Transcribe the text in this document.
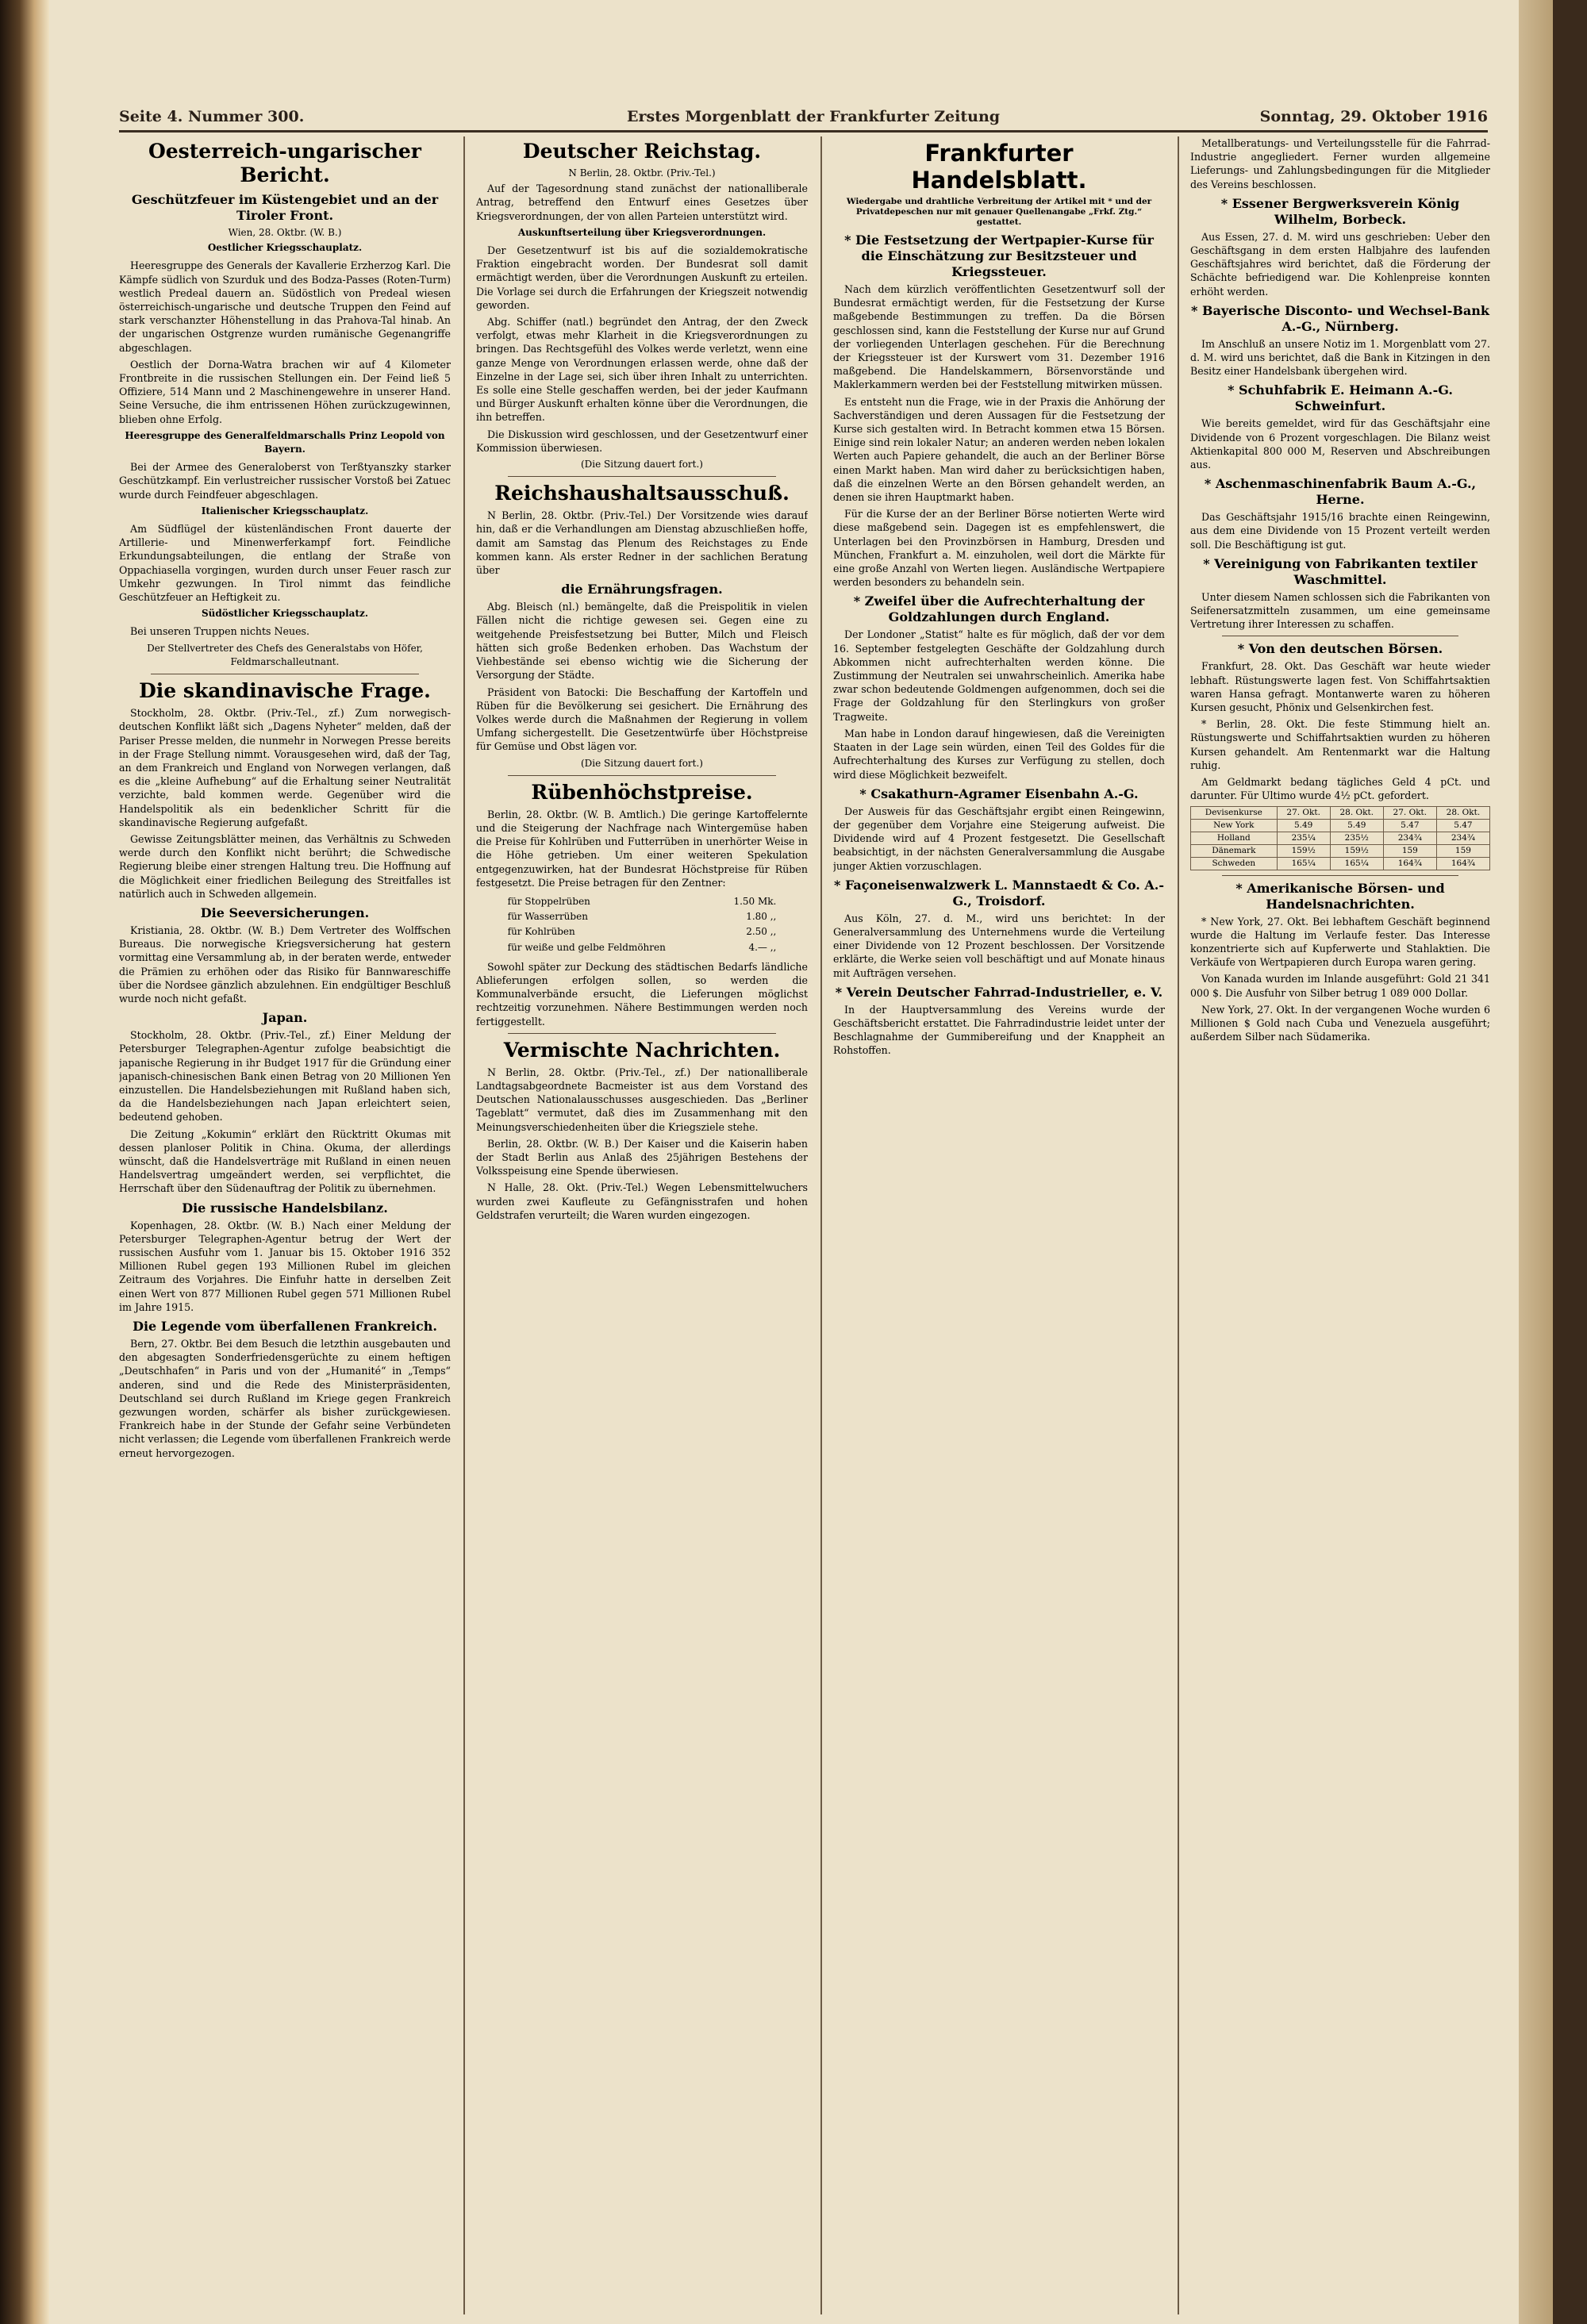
Seite 4. Nummer 300.	Erstes Morgenblatt der Frankfurter Zeitung	Sonntag, 29. Oktober 1916
Oesterreich-ungarischer Bericht.
Geschützfeuer im Küstengebiet und an der Tiroler Front.
Wien, 28. Oktbr. (W. B.)
Oestlicher Kriegsschauplatz.

Heeresgruppe des Generals der Kavallerie Erzherzog Karl. Die Kämpfe südlich von Szurduk und des Bodza-Passes (Roten-Turm) westlich Predeal dauern an. Südöstlich von Predeal wiesen österreichisch-ungarische und deutsche Truppen den Feind auf stark verschanzter Höhenstellung in das Prahova-Tal hinab. An der ungarischen Ostgrenze wurden rumänische Gegenangriffe abgeschlagen.

Oestlich der Dorna-Watra brachen wir auf 4 Kilometer Frontbreite in die russischen Stellungen ein. Der Feind ließ 5 Offiziere, 514 Mann und 2 Maschinengewehre in unserer Hand. Seine Versuche, die ihm entrissenen Höhen zurückzugewinnen, blieben ohne Erfolg.

Heeresgruppe des Generalfeldmarschalls Prinz Leopold von Bayern.

Bei der Armee des Generaloberst von Terßtyanszky starker Geschützkampf. Ein verlustreicher russischer Vorstoß bei Zatuec wurde durch Feindfeuer abgeschlagen.

Italienischer Kriegsschauplatz.

Am Südflügel der küstenländischen Front dauerte der Artillerie- und Minenwerferkampf fort. Feindliche Erkundungsabteilungen, die entlang der Straße von Oppachiasella vorgingen, wurden durch unser Feuer rasch zur Umkehr gezwungen. In Tirol nimmt das feindliche Geschützfeuer an Heftigkeit zu.

Südöstlicher Kriegsschauplatz.

Bei unseren Truppen nichts Neues.

Der Stellvertreter des Chefs des Generalstabs von Höfer, Feldmarschalleutnant.
Die skandinavische Frage.

Stockholm, 28. Oktbr. (Priv.-Tel., zf.) Zum norwegisch-deutschen Konflikt läßt sich „Dagens Nyheter“ melden, daß der Pariser Presse melden, die nunmehr in Norwegen Presse bereits in der Frage Stellung nimmt. Vorausgesehen wird, daß der Tag, an dem Frankreich und England von Norwegen verlangen, daß es die „kleine Aufhebung“ auf die Erhaltung seiner Neutralität verzichte, bald kommen werde. Gegenüber wird die Handelspolitik als ein bedenklicher Schritt für die skandinavische Regierung aufgefaßt.

Gewisse Zeitungsblätter meinen, das Verhältnis zu Schweden werde durch den Konflikt nicht berührt; die Schwedische Regierung bleibe einer strengen Haltung treu. Die Hoffnung auf die Möglichkeit einer friedlichen Beilegung des Streitfalles ist natürlich auch in Schweden allgemein.

Die Seeversicherungen.

Kristiania, 28. Oktbr. (W. B.) Dem Vertreter des Wolffschen Bureaus. Die norwegische Kriegsversicherung hat gestern vormittag eine Versammlung ab, in der beraten werde, entweder die Prämien zu erhöhen oder das Risiko für Bannwareschiffe über die Nordsee gänzlich abzulehnen. Ein endgültiger Beschluß wurde noch nicht gefaßt.

Japan.

Stockholm, 28. Oktbr. (Priv.-Tel., zf.) Einer Meldung der Petersburger Telegraphen-Agentur zufolge beabsichtigt die japanische Regierung in ihr Budget 1917 für die Gründung einer japanisch-chinesischen Bank einen Betrag von 20 Millionen Yen einzustellen. Die Handelsbeziehungen mit Rußland haben sich, da die Handelsbeziehungen nach Japan erleichtert seien, bedeutend gehoben.

Die Zeitung „Kokumin“ erklärt den Rücktritt Okumas mit dessen planloser Politik in China. Okuma, der allerdings wünscht, daß die Handelsverträge mit Rußland in einen neuen Handelsvertrag umgeändert werden, sei verpflichtet, die Herrschaft über den Südenauftrag der Politik zu übernehmen.

Die russische Handelsbilanz.

Kopenhagen, 28. Oktbr. (W. B.) Nach einer Meldung der Petersburger Telegraphen-Agentur betrug der Wert der russischen Ausfuhr vom 1. Januar bis 15. Oktober 1916 352 Millionen Rubel gegen 193 Millionen Rubel im gleichen Zeitraum des Vorjahres. Die Einfuhr hatte in derselben Zeit einen Wert von 877 Millionen Rubel gegen 571 Millionen Rubel im Jahre 1915.

Die Legende vom überfallenen Frankreich.

Bern, 27. Oktbr. Bei dem Besuch die letzthin ausgebauten und den abgesagten Sonderfriedensgerüchte zu einem heftigen „Deutschhafen“ in Paris und von der „Humanité“ in „Temps“ anderen, sind und die Rede des Ministerpräsidenten, Deutschland sei durch Rußland im Kriege gegen Frankreich gezwungen worden, schärfer als bisher zurückgewiesen. Frankreich habe in der Stunde der Gefahr seine Verbündeten nicht verlassen; die Legende vom überfallenen Frankreich werde erneut hervorgezogen.

Deutscher Reichstag.
N Berlin, 28. Oktbr. (Priv.-Tel.)

Auf der Tagesordnung stand zunächst der nationalliberale Antrag, betreffend den Entwurf eines Gesetzes über Kriegsverordnungen, der von allen Parteien unterstützt wird.

Auskunftserteilung über Kriegsverordnungen.

Der Gesetzentwurf ist bis auf die sozialdemokratische Fraktion eingebracht worden. Der Bundesrat soll damit ermächtigt werden, über die Verordnungen Auskunft zu erteilen. Die Vorlage sei durch die Erfahrungen der Kriegszeit notwendig geworden.

Abg. Schiffer (natl.) begründet den Antrag, der den Zweck verfolgt, etwas mehr Klarheit in die Kriegsverordnungen zu bringen. Das Rechtsgefühl des Volkes werde verletzt, wenn eine ganze Menge von Verordnungen erlassen werde, ohne daß der Einzelne in der Lage sei, sich über ihren Inhalt zu unterrichten. Es solle eine Stelle geschaffen werden, bei der jeder Kaufmann und Bürger Auskunft erhalten könne über die Verordnungen, die ihn betreffen.

Die Diskussion wird geschlossen, und der Gesetzentwurf einer Kommission überwiesen.

(Die Sitzung dauert fort.)
Reichshaushaltsausschuß.

N Berlin, 28. Oktbr. (Priv.-Tel.) Der Vorsitzende wies darauf hin, daß er die Verhandlungen am Dienstag abzuschließen hoffe, damit am Samstag das Plenum des Reichstages zu Ende kommen kann. Als erster Redner in der sachlichen Beratung über

die Ernährungsfragen.

Abg. Bleisch (nl.) bemängelte, daß die Preispolitik in vielen Fällen nicht die richtige gewesen sei. Gegen eine zu weitgehende Preisfestsetzung bei Butter, Milch und Fleisch hätten sich große Bedenken erhoben. Das Wachstum der Viehbestände sei ebenso wichtig wie die Sicherung der Versorgung der Städte.

Präsident von Batocki: Die Beschaffung der Kartoffeln und Rüben für die Bevölkerung sei gesichert. Die Ernährung des Volkes werde durch die Maßnahmen der Regierung in vollem Umfang sichergestellt. Die Gesetzentwürfe über Höchstpreise für Gemüse und Obst lägen vor.

(Die Sitzung dauert fort.)
Rübenhöchstpreise.

Berlin, 28. Oktbr. (W. B. Amtlich.) Die geringe Kartoffelernte und die Steigerung der Nachfrage nach Wintergemüse haben die Preise für Kohlrüben und Futterrüben in unerhörter Weise in die Höhe getrieben. Um einer weiteren Spekulation entgegenzuwirken, hat der Bundesrat Höchstpreise für Rüben festgesetzt. Die Preise betragen für den Zentner:

für Stoppelrüben	1.50 Mk.
für Wasserrüben	1.80 ,,
für Kohlrüben	2.50 ,,
für weiße und gelbe Feldmöhren	4.— ,,

Sowohl später zur Deckung des städtischen Bedarfs ländliche Ablieferungen erfolgen sollen, so werden die Kommunalverbände ersucht, die Lieferungen möglichst rechtzeitig vorzunehmen. Nähere Bestimmungen werden noch fertiggestellt.

Vermischte Nachrichten.

N Berlin, 28. Oktbr. (Priv.-Tel., zf.) Der nationalliberale Landtagsabgeordnete Bacmeister ist aus dem Vorstand des Deutschen Nationalausschusses ausgeschieden. Das „Berliner Tageblatt“ vermutet, daß dies im Zusammenhang mit den Meinungsverschiedenheiten über die Kriegsziele stehe.

Berlin, 28. Oktbr. (W. B.) Der Kaiser und die Kaiserin haben der Stadt Berlin aus Anlaß des 25jährigen Bestehens der Volksspeisung eine Spende überwiesen.

N Halle, 28. Okt. (Priv.-Tel.) Wegen Lebensmittelwuchers wurden zwei Kaufleute zu Gefängnisstrafen und hohen Geldstrafen verurteilt; die Waren wurden eingezogen.

Frankfurter Handelsblatt.
Wiedergabe und drahtliche Verbreitung der Artikel mit * und der Privatdepeschen nur mit genauer Quellenangabe „Frkf. Ztg.“ gestattet.
* Die Festsetzung der Wertpapier-Kurse für die Einschätzung zur Besitzsteuer und Kriegssteuer.

Nach dem kürzlich veröffentlichten Gesetzentwurf soll der Bundesrat ermächtigt werden, für die Festsetzung der Kurse maßgebende Bestimmungen zu treffen. Da die Börsen geschlossen sind, kann die Feststellung der Kurse nur auf Grund der vorliegenden Unterlagen geschehen. Für die Berechnung der Kriegssteuer ist der Kurswert vom 31. Dezember 1916 maßgebend. Die Handelskammern, Börsenvorstände und Maklerkammern werden bei der Feststellung mitwirken müssen.

Es entsteht nun die Frage, wie in der Praxis die Anhörung der Sachverständigen und deren Aussagen für die Festsetzung der Kurse sich gestalten wird. In Betracht kommen etwa 15 Börsen. Einige sind rein lokaler Natur; an anderen werden neben lokalen Werten auch Papiere gehandelt, die auch an der Berliner Börse einen Markt haben. Man wird daher zu berücksichtigen haben, daß die einzelnen Werte an den Börsen gehandelt werden, an denen sie ihren Hauptmarkt haben.

Für die Kurse der an der Berliner Börse notierten Werte wird diese maßgebend sein. Dagegen ist es empfehlenswert, die Unterlagen bei den Provinzbörsen in Hamburg, Dresden und München, Frankfurt a. M. einzuholen, weil dort die Märkte für eine große Anzahl von Werten liegen. Ausländische Wertpapiere werden besonders zu behandeln sein.

* Zweifel über die Aufrechterhaltung der Goldzahlungen durch England.

Der Londoner „Statist“ halte es für möglich, daß der vor dem 16. September festgelegten Geschäfte der Goldzahlung durch Abkommen nicht aufrechterhalten werden könne. Die Zustimmung der Neutralen sei unwahrscheinlich. Amerika habe zwar schon bedeutende Goldmengen aufgenommen, doch sei die Frage der Goldzahlung für den Sterlingkurs von großer Tragweite.

Man habe in London darauf hingewiesen, daß die Vereinigten Staaten in der Lage sein würden, einen Teil des Goldes für die Aufrechterhaltung des Kurses zur Verfügung zu stellen, doch wird diese Möglichkeit bezweifelt.

* Csakathurn-Agramer Eisenbahn A.-G.

Der Ausweis für das Geschäftsjahr ergibt einen Reingewinn, der gegenüber dem Vorjahre eine Steigerung aufweist. Die Dividende wird auf 4 Prozent festgesetzt. Die Gesellschaft beabsichtigt, in der nächsten Generalversammlung die Ausgabe junger Aktien vorzuschlagen.

* Façoneisenwalzwerk L. Mannstaedt & Co. A.-G., Troisdorf.

Aus Köln, 27. d. M., wird uns berichtet: In der Generalversammlung des Unternehmens wurde die Verteilung einer Dividende von 12 Prozent beschlossen. Der Vorsitzende erklärte, die Werke seien voll beschäftigt und auf Monate hinaus mit Aufträgen versehen.

* Verein Deutscher Fahrrad-Industrieller, e. V.

In der Hauptversammlung des Vereins wurde der Geschäftsbericht erstattet. Die Fahrradindustrie leidet unter der Beschlagnahme der Gummibereifung und der Knappheit an Rohstoffen.

Metallberatungs- und Verteilungsstelle für die Fahrrad-Industrie angegliedert. Ferner wurden allgemeine Lieferungs- und Zahlungsbedingungen für die Mitglieder des Vereins beschlossen.

* Essener Bergwerksverein König Wilhelm, Borbeck.

Aus Essen, 27. d. M. wird uns geschrieben: Ueber den Geschäftsgang in dem ersten Halbjahre des laufenden Geschäftsjahres wird berichtet, daß die Förderung der Schächte befriedigend war. Die Kohlenpreise konnten erhöht werden.

* Bayerische Disconto- und Wechsel-Bank A.-G., Nürnberg.

Im Anschluß an unsere Notiz im 1. Morgenblatt vom 27. d. M. wird uns berichtet, daß die Bank in Kitzingen in den Besitz einer Handelsbank übergehen wird.

* Schuhfabrik E. Heimann A.-G. Schweinfurt.

Wie bereits gemeldet, wird für das Geschäftsjahr eine Dividende von 6 Prozent vorgeschlagen. Die Bilanz weist Aktienkapital 800 000 M, Reserven und Abschreibungen aus.

* Aschenmaschinenfabrik Baum A.-G., Herne.

Das Geschäftsjahr 1915/16 brachte einen Reingewinn, aus dem eine Dividende von 15 Prozent verteilt werden soll. Die Beschäftigung ist gut.

* Vereinigung von Fabrikanten textiler Waschmittel.

Unter diesem Namen schlossen sich die Fabrikanten von Seifenersatzmitteln zusammen, um eine gemeinsame Vertretung ihrer Interessen zu schaffen.

* Von den deutschen Börsen.

Frankfurt, 28. Okt. Das Geschäft war heute wieder lebhaft. Rüstungswerte lagen fest. Von Schiffahrtsaktien waren Hansa gefragt. Montanwerte waren zu höheren Kursen gesucht, Phönix und Gelsenkirchen fest.

* Berlin, 28. Okt. Die feste Stimmung hielt an. Rüstungswerte und Schiffahrtsaktien wurden zu höheren Kursen gehandelt. Am Rentenmarkt war die Haltung ruhig.

Am Geldmarkt bedang tägliches Geld 4 pCt. und darunter. Für Ultimo wurde 4½ pCt. gefordert.

Devisenkurse	27. Okt.	28. Okt.	27. Okt.	28. Okt.
New York	5.49	5.49	5.47	5.47
Holland	235¼	235½	234¾	234¾
Dänemark	159½	159½	159	159
Schweden	165¼	165¼	164¾	164¾
* Amerikanische Börsen- und Handelsnachrichten.

* New York, 27. Okt. Bei lebhaftem Geschäft beginnend wurde die Haltung im Verlaufe fester. Das Interesse konzentrierte sich auf Kupferwerte und Stahlaktien. Die Verkäufe von Wertpapieren durch Europa waren gering.

Von Kanada wurden im Inlande ausgeführt: Gold 21 341 000 $. Die Ausfuhr von Silber betrug 1 089 000 Dollar.

New York, 27. Okt. In der vergangenen Woche wurden 6 Millionen $ Gold nach Cuba und Venezuela ausgeführt; außerdem Silber nach Südamerika.
